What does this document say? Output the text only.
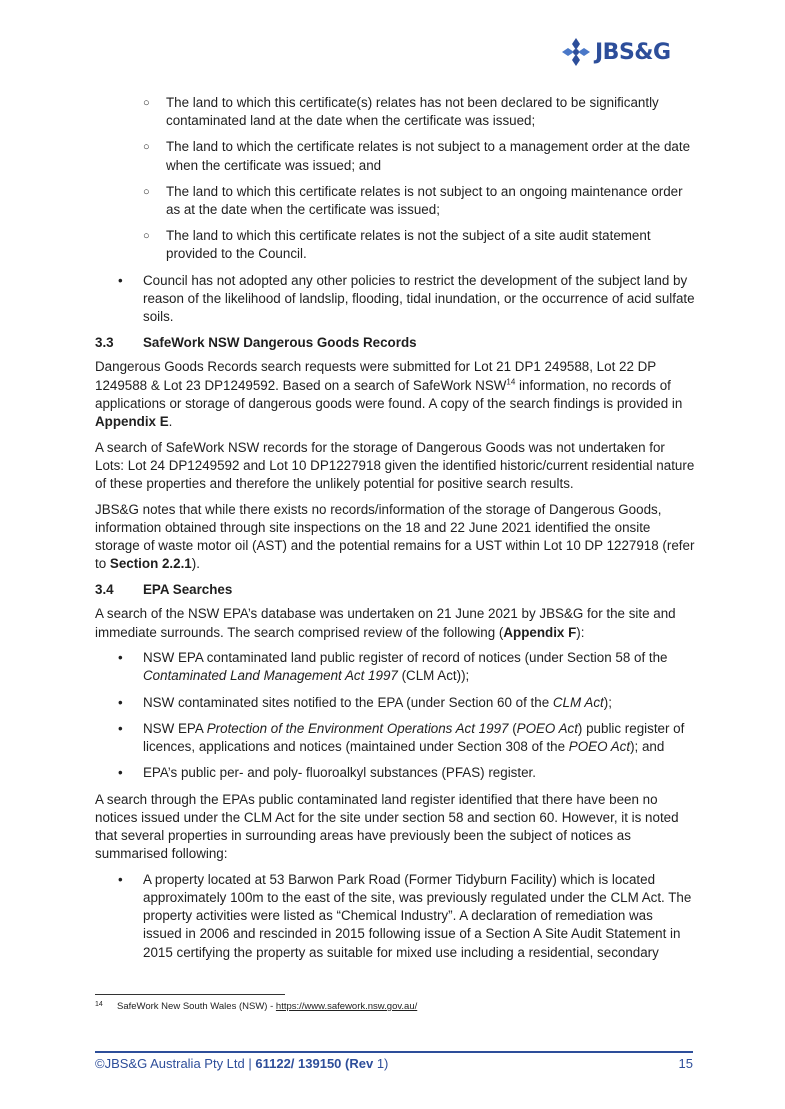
JBS&G
○ The land to which this certificate(s) relates has not been declared to be significantly contaminated land at the date when the certificate was issued;
○ The land to which the certificate relates is not subject to a management order at the date when the certificate was issued; and
○ The land to which this certificate relates is not subject to an ongoing maintenance order as at the date when the certificate was issued;
○ The land to which this certificate relates is not the subject of a site audit statement provided to the Council.
• Council has not adopted any other policies to restrict the development of the subject land by reason of the likelihood of landslip, flooding, tidal inundation, or the occurrence of acid sulfate soils.
3.3 SafeWork NSW Dangerous Goods Records

Dangerous Goods Records search requests were submitted for Lot 21 DP1 249588, Lot 22 DP 1249588 & Lot 23 DP1249592. Based on a search of SafeWork NSW$^{14}$ information, no records of applications or storage of dangerous goods were found. A copy of the search findings is provided in Appendix E.

A search of SafeWork NSW records for the storage of Dangerous Goods was not undertaken for Lots: Lot 24 DP1249592 and Lot 10 DP1227918 given the identified historic/current residential nature of these properties and therefore the unlikely potential for positive search results.

JBS&G notes that while there exists no records/information of the storage of Dangerous Goods, information obtained through site inspections on the 18 and 22 June 2021 identified the onsite storage of waste motor oil (AST) and the potential remains for a UST within Lot 10 DP 1227918 (refer to Section 2.2.1).

3.4 EPA Searches

A search of the NSW EPA’s database was undertaken on 21 June 2021 by JBS&G for the site and immediate surrounds. The search comprised review of the following (Appendix F):

• NSW EPA contaminated land public register of record of notices (under Section 58 of the Contaminated Land Management Act 1997 (CLM Act));
• NSW contaminated sites notified to the EPA (under Section 60 of the CLM Act);
• NSW EPA Protection of the Environment Operations Act 1997 (POEO Act) public register of licences, applications and notices (maintained under Section 308 of the POEO Act); and
• EPA’s public per- and poly- fluoroalkyl substances (PFAS) register.

A search through the EPAs public contaminated land register identified that there have been no notices issued under the CLM Act for the site under section 58 and section 60. However, it is noted that several properties in surrounding areas have previously been the subject of notices as summarised following:

• A property located at 53 Barwon Park Road (Former Tidyburn Facility) which is located approximately 100m to the east of the site, was previously regulated under the CLM Act. The property activities were listed as “Chemical Industry”. A declaration of remediation was issued in 2006 and rescinded in 2015 following issue of a Section A Site Audit Statement in 2015 certifying the property as suitable for mixed use including a residential, secondary
14 SafeWork New South Wales (NSW) - https://www.safework.nsw.gov.au/
©JBS&G Australia Pty Ltd | 61122/ 139150 (Rev 1)	15
